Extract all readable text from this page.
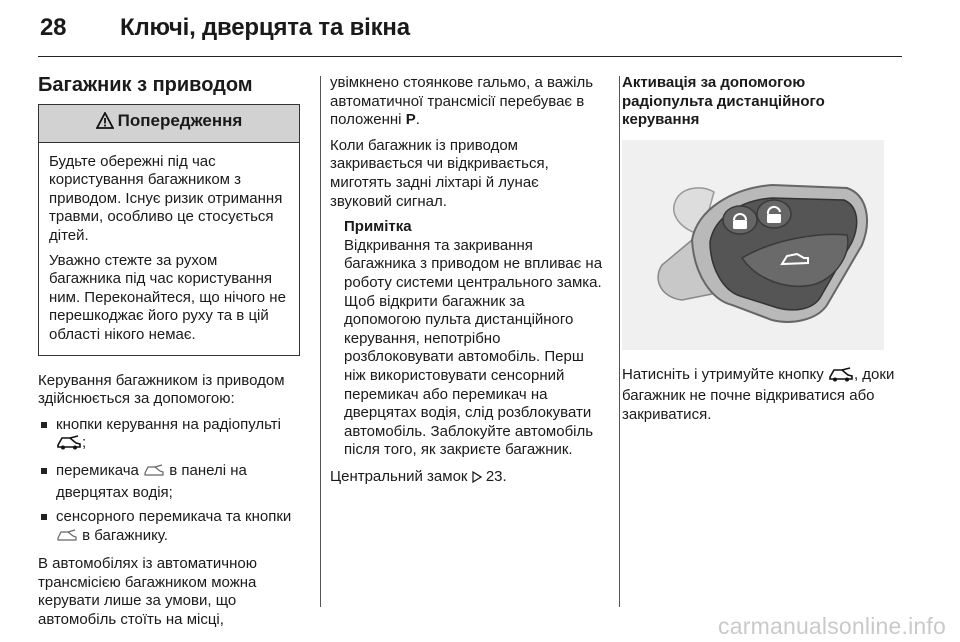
28 Ключі, дверцята та вікна
Багажник з приводом
Попередження

Будьте обережні під час користування багажником з приводом. Існує ризик отримання травми, особливо це стосується дітей.

Уважно стежте за рухом багажника під час користування ним. Переконайтеся, що нічого не перешкоджає його руху та в цій області нікого немає.

Керування багажником із приводом здійснюється за допомогою:

кнопки керування на радіопульті
;
перемикача в панелі на дверцятах водія;
сенсорного перемикача та кнопки  в багажнику.

В автомобілях із автоматичною трансмісією багажником можна керувати лише за умови, що автомобіль стоїть на місці,

увімкнено стоянкове гальмо, а важіль автоматичної трансмісії перебуває в положенні P.

Коли багажник із приводом закривається чи відкривається, миготять задні ліхтарі й лунає звуковий сигнал.

Примітка
Відкривання та закривання багажника з приводом не впливає на роботу системи центрального замка. Щоб відкрити багажник за допомогою пульта дистанційного керування, непотрібно розблоковувати автомобіль. Перш ніж використовувати сенсорний перемикач або перемикач на дверцятах водія, слід розблокувати автомобіль. Заблокуйте автомобіль після того, як закриєте багажник.

Центральний замок 23.

Активація за допомогою радіопульта дистанційного керування

Натисніть і утримуйте кнопку , доки багажник не почне відкриватися або закриватися.

carmanualsonline.info
